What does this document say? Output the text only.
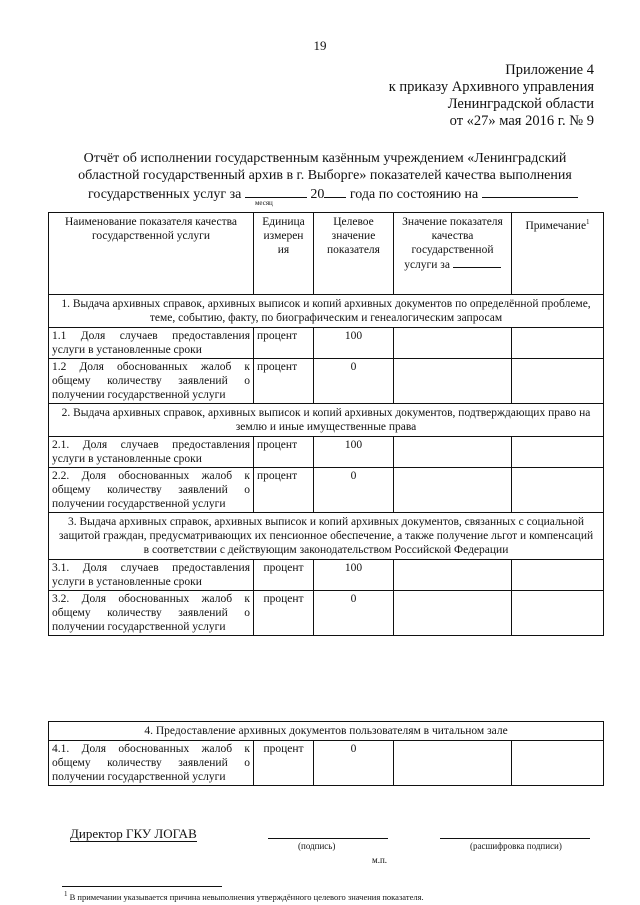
19
Приложение 4
к приказу Архивного управления
Ленинградской области
от «27» мая 2016 г. № 9
Отчёт об исполнении государственным казённым учреждением «Ленинградский
областной государственный архив в г. Выборге» показателей качества выполнения
государственных услуг за	20 года по состоянию на
месяц
Наименование показателя качества государственной услуги	Единица измерен ия	Целевое значение показателя	Значение показателя качества государственной услуги за	Примечание$^1$
1. Выдача архивных справок, архивных выписок и копий архивных документов по определённой проблеме, теме, событию, факту, по биографическим и генеалогическим запросам				
1.1 Доля случаев предоставления услуги в установленные сроки	процент	100		
1.2 Доля обоснованных жалоб к общему количеству заявлений о получении государственной услуги	процент	0		
2. Выдача архивных справок, архивных выписок и копий архивных документов, подтверждающих право на землю и иные имущественные права				
2.1. Доля случаев предоставления услуги в установленные сроки	процент	100		
2.2. Доля обоснованных жалоб к общему количеству заявлений о получении государственной услуги	процент	0		
3. Выдача архивных справок, архивных выписок и копий архивных документов, связанных с социальной защитой граждан, предусматривающих их пенсионное обеспечение, а также получение льгот и компенсаций в соответствии с действующим законодательством Российской Федерации				
3.1. Доля случаев предоставления услуги в установленные сроки	процент	100		
3.2. Доля обоснованных жалоб к общему количеству заявлений о получении государственной услуги	процент	0		
4. Предоставление архивных документов пользователям в читальном зале
4.1. Доля обоснованных жалоб к общему количеству заявлений о получении государственной услуги	процент	0		
Директор ГКУ ЛОГАВ
(подпись)	(расшифровка подписи)
м.п.
$^1$ В примечании указывается причина невыполнения утверждённого целевого значения показателя.
